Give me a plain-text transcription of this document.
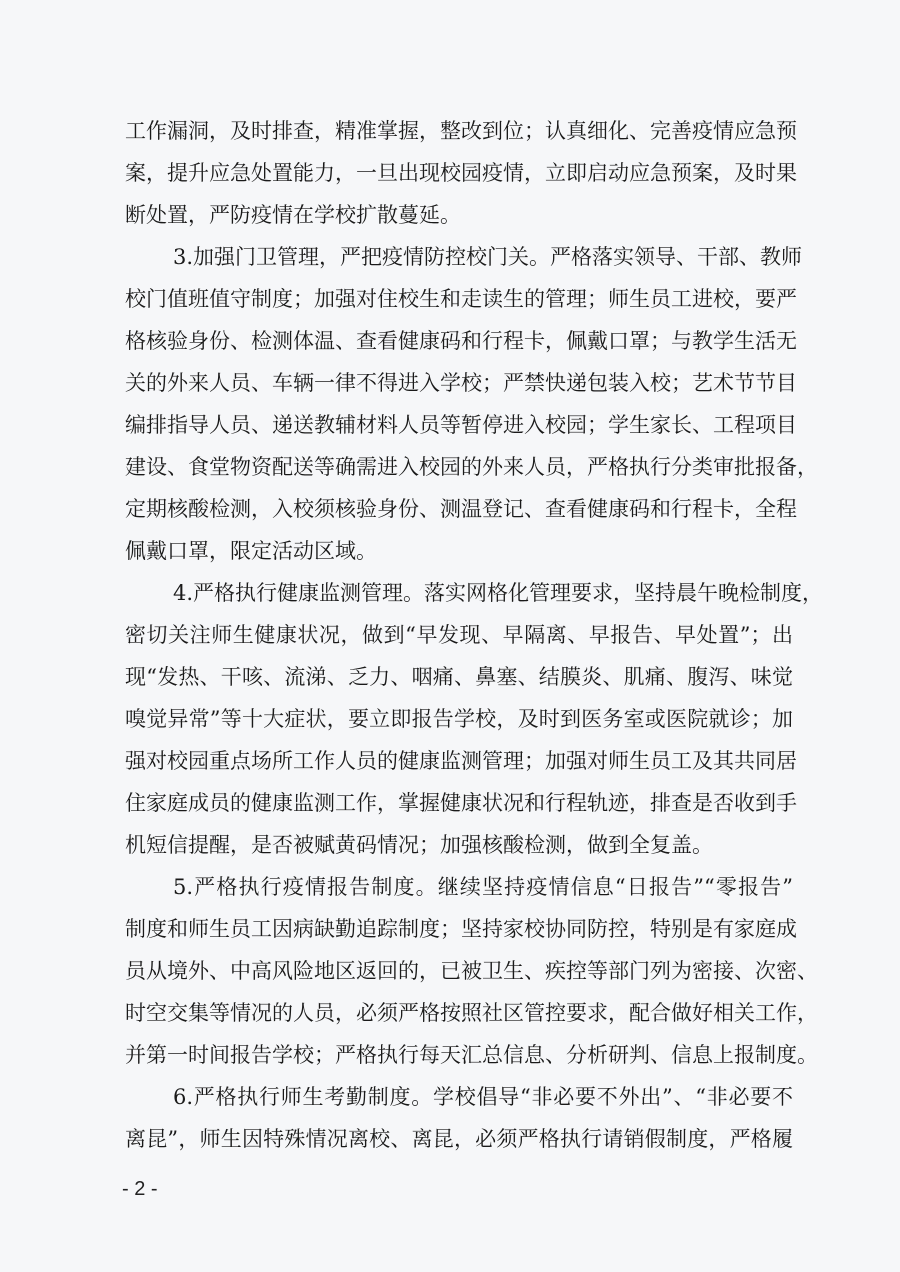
工作漏洞，及时排查，精准掌握，整改到位；认真细化、完善疫情应急预
案，提升应急处置能力，一旦出现校园疫情，立即启动应急预案，及时果
断处置，严防疫情在学校扩散蔓延。
3.加强门卫管理，严把疫情防控校门关。严格落实领导、干部、教师
校门值班值守制度；加强对住校生和走读生的管理；师生员工进校，要严
格核验身份、检测体温、查看健康码和行程卡，佩戴口罩；与教学生活无
关的外来人员、车辆一律不得进入学校；严禁快递包装入校；艺术节节目
编排指导人员、递送教辅材料人员等暂停进入校园；学生家长、工程项目
建设、食堂物资配送等确需进入校园的外来人员，严格执行分类审批报备，
定期核酸检测，入校须核验身份、测温登记、查看健康码和行程卡，全程
佩戴口罩，限定活动区域。
4.严格执行健康监测管理。落实网格化管理要求，坚持晨午晚检制度，
密切关注师生健康状况，做到“早发现、早隔离、早报告、早处置”；出
现“发热、干咳、流涕、乏力、咽痛、鼻塞、结膜炎、肌痛、腹泻、味觉
嗅觉异常”等十大症状，要立即报告学校，及时到医务室或医院就诊；加
强对校园重点场所工作人员的健康监测管理；加强对师生员工及其共同居
住家庭成员的健康监测工作，掌握健康状况和行程轨迹，排查是否收到手
机短信提醒，是否被赋黄码情况；加强核酸检测，做到全复盖。
5.严格执行疫情报告制度。继续坚持疫情信息“日报告”“零报告”
制度和师生员工因病缺勤追踪制度；坚持家校协同防控，特别是有家庭成
员从境外、中高风险地区返回的，已被卫生、疾控等部门列为密接、次密、
时空交集等情况的人员，必须严格按照社区管控要求，配合做好相关工作，
并第一时间报告学校；严格执行每天汇总信息、分析研判、信息上报制度。
6.严格执行师生考勤制度。学校倡导“非必要不外出”、“非必要不
离昆”，师生因特殊情况离校、离昆，必须严格执行请销假制度，严格履
- 2 -
